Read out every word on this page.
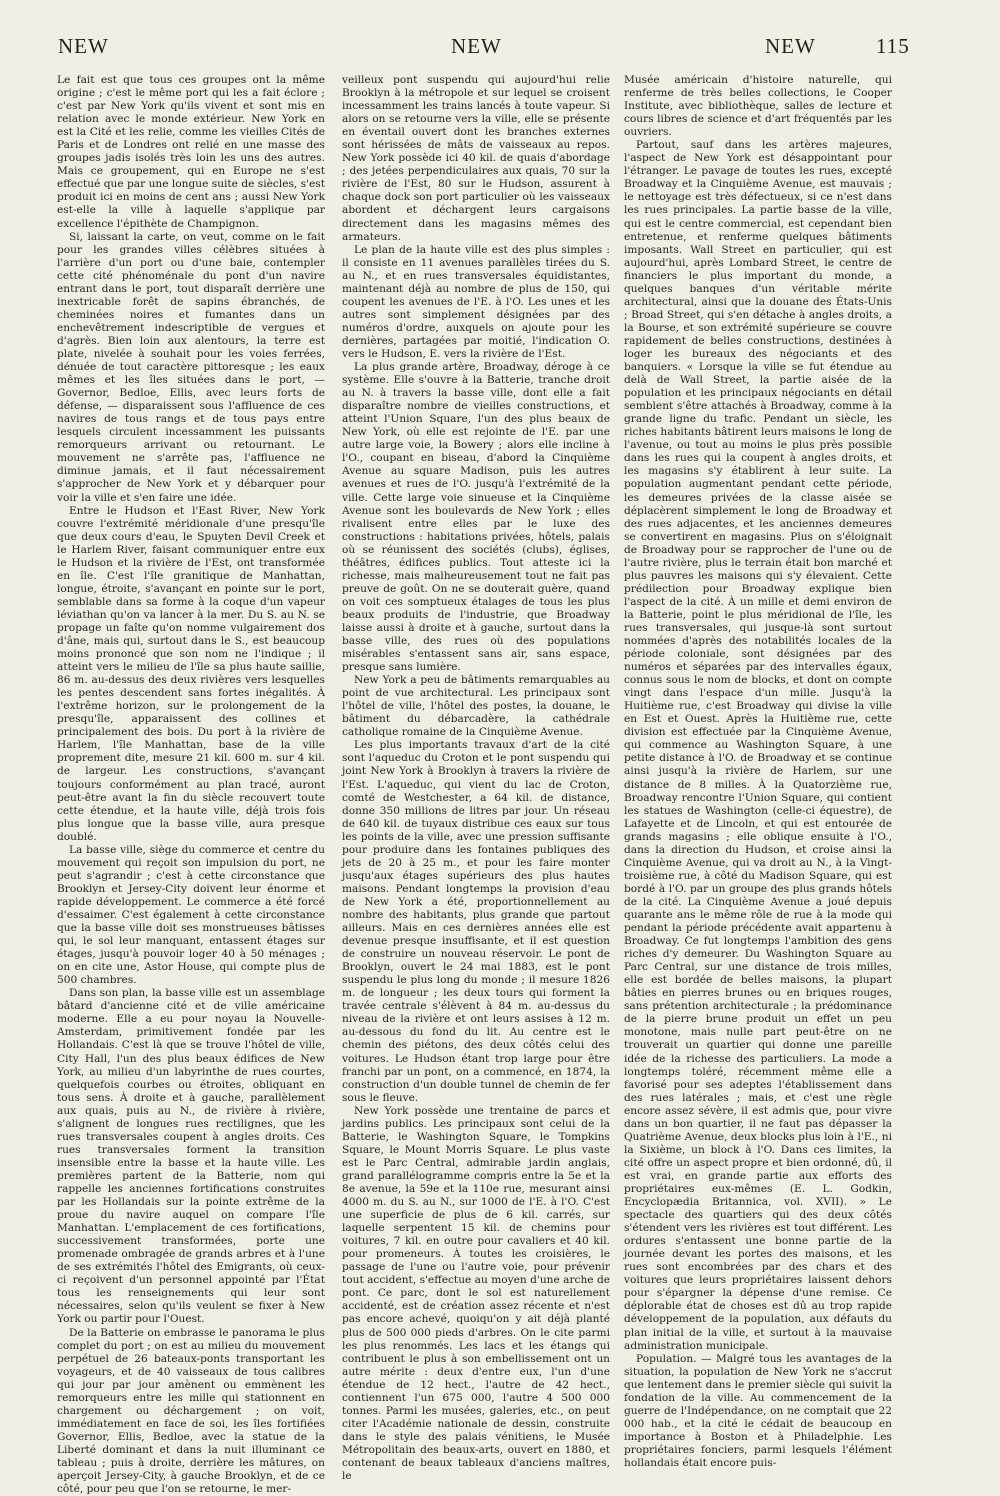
NEW	NEW	NEW	115

Le fait est que tous ces groupes ont la même origine ; c'est le même port qui les a fait éclore ; c'est par New York qu'ils vivent et sont mis en relation avec le monde extérieur. New York en est la Cité et les relie, comme les vieilles Cités de Paris et de Londres ont relié en une masse des groupes jadis isolés très loin les uns des autres. Mais ce groupement, qui en Europe ne s'est effectué que par une longue suite de siècles, s'est produit ici en moins de cent ans ; aussi New York est-elle la ville à laquelle s'applique par excellence l'épithète de Champignon.

Si, laissant la carte, on veut, comme on le fait pour les grandes villes célèbres situées à l'arrière d'un port ou d'une baie, contempler cette cité phénoménale du pont d'un navire entrant dans le port, tout disparaît derrière une inextricable forêt de sapins ébranchés, de cheminées noires et fumantes dans un enchevêtrement indescriptible de vergues et d'agrès. Bien loin aux alentours, la terre est plate, nivelée à souhait pour les voies ferrées, dénuée de tout caractère pittoresque ; les eaux mêmes et les îles situées dans le port, — Governor, Bedloe, Ellis, avec leurs forts de défense, — disparaissent sous l'affluence de ces navires de tous rangs et de tous pays entre lesquels circulent incessamment les puissants remorqueurs arrivant ou retournant. Le mouvement ne s'arrête pas, l'affluence ne diminue jamais, et il faut nécessairement s'approcher de New York et y débarquer pour voir la ville et s'en faire une idée.

Entre le Hudson et l'East River, New York couvre l'extrémité méridionale d'une presqu'île que deux cours d'eau, le Spuyten Devil Creek et le Harlem River, faisant communiquer entre eux le Hudson et la rivière de l'Est, ont transformée en île. C'est l'île granitique de Manhattan, longue, étroite, s'avançant en pointe sur le port, semblable dans sa forme à la coque d'un vapeur léviathan qu'on va lancer à la mer. Du S. au N. se propage un faîte qu'on nomme vulgairement dos d'âne, mais qui, surtout dans le S., est beaucoup moins prononcé que son nom ne l'indique ; il atteint vers le milieu de l'île sa plus haute saillie, 86 m. au-dessus des deux rivières vers lesquelles les pentes descendent sans fortes inégalités. À l'extrême horizon, sur le prolongement de la presqu'île, apparaissent des collines et principalement des bois. Du port à la rivière de Harlem, l'île Manhattan, base de la ville proprement dite, mesure 21 kil. 600 m. sur 4 kil. de largeur. Les constructions, s'avançant toujours conformément au plan tracé, auront peut-être avant la fin du siècle recouvert toute cette étendue, et la haute ville, déjà trois fois plus longue que la basse ville, aura presque doublé.

La basse ville, siège du commerce et centre du mouvement qui reçoit son impulsion du port, ne peut s'agrandir ; c'est à cette circonstance que Brooklyn et Jersey-City doivent leur énorme et rapide développement. Le commerce a été forcé d'essaimer. C'est également à cette circonstance que la basse ville doit ses monstrueuses bâtisses qui, le sol leur manquant, entassent étages sur étages, jusqu'à pouvoir loger 40 à 50 ménages ; on en cite une, Astor House, qui compte plus de 500 chambres.

Dans son plan, la basse ville est un assemblage bâtard d'ancienne cité et de ville américaine moderne. Elle a eu pour noyau la Nouvelle-Amsterdam, primitivement fondée par les Hollandais. C'est là que se trouve l'hôtel de ville, City Hall, l'un des plus beaux édifices de New York, au milieu d'un labyrinthe de rues courtes, quelquefois courbes ou étroites, obliquant en tous sens. À droite et à gauche, parallèlement aux quais, puis au N., de rivière à rivière, s'alignent de longues rues rectilignes, que les rues transversales coupent à angles droits. Ces rues transversales forment la transition insensible entre la basse et la haute ville. Les premières partent de la Batterie, nom qui rappelle les anciennes fortifications construites par les Hollandais sur la pointe extrême de la proue du navire auquel on compare l'île Manhattan. L'emplacement de ces fortifications, successivement transformées, porte une promenade ombragée de grands arbres et à l'une de ses extrémités l'hôtel des Emigrants, où ceux-ci reçoivent d'un personnel appointé par l'État tous les renseignements qui leur sont nécessaires, selon qu'ils veulent se fixer à New York ou partir pour l'Ouest.

De la Batterie on embrasse le panorama le plus complet du port ; on est au milieu du mouvement perpétuel de 26 bateaux-ponts transportant les voyageurs, et de 40 vaisseaux de tous calibres qui jour par jour amènent ou emmènent les remorqueurs entre les mille qui stationnent en chargement ou déchargement ; on voit, immédiatement en face de soi, les îles fortifiées Governor, Ellis, Bedloe, avec la statue de la Liberté dominant et dans la nuit illuminant ce tableau ; puis à droite, derrière les mâtures, on aperçoit Jersey-City, à gauche Brooklyn, et de ce côté, pour peu que l'on se retourne, le mer-

veilleux pont suspendu qui aujourd'hui relie Brooklyn à la métropole et sur lequel se croisent incessamment les trains lancés à toute vapeur. Si alors on se retourne vers la ville, elle se présente en éventail ouvert dont les branches externes sont hérissées de mâts de vaisseaux au repos. New York possède ici 40 kil. de quais d'abordage ; des jetées perpendiculaires aux quais, 70 sur la rivière de l'Est, 80 sur le Hudson, assurent à chaque dock son port particulier où les vaisseaux abordent et déchargent leurs cargaisons directement dans les magasins mêmes des armateurs.

Le plan de la haute ville est des plus simples : il consiste en 11 avenues parallèles tirées du S. au N., et en rues transversales équidistantes, maintenant déjà au nombre de plus de 150, qui coupent les avenues de l'E. à l'O. Les unes et les autres sont simplement désignées par des numéros d'ordre, auxquels on ajoute pour les dernières, partagées par moitié, l'indication O. vers le Hudson, E. vers la rivière de l'Est.

La plus grande artère, Broadway, déroge à ce système. Elle s'ouvre à la Batterie, tranche droit au N. à travers la basse ville, dont elle a fait disparaître nombre de vieilles constructions, et atteint l'Union Square, l'un des plus beaux de New York, où elle est rejointe de l'E. par une autre large voie, la Bowery ; alors elle incline à l'O., coupant en biseau, d'abord la Cinquième Avenue au square Madison, puis les autres avenues et rues de l'O. jusqu'à l'extrémité de la ville. Cette large voie sinueuse et la Cinquième Avenue sont les boulevards de New York ; elles rivalisent entre elles par le luxe des constructions : habitations privées, hôtels, palais où se réunissent des sociétés (clubs), églises, théâtres, édifices publics. Tout atteste ici la richesse, mais malheureusement tout ne fait pas preuve de goût. On ne se douterait guère, quand on voit ces somptueux étalages de tous les plus beaux produits de l'industrie, que Broadway laisse aussi à droite et à gauche, surtout dans la basse ville, des rues où des populations misérables s'entassent sans air, sans espace, presque sans lumière.

New York a peu de bâtiments remarquables au point de vue architectural. Les principaux sont l'hôtel de ville, l'hôtel des postes, la douane, le bâtiment du débarcadère, la cathédrale catholique romaine de la Cinquième Avenue.

Les plus importants travaux d'art de la cité sont l'aqueduc du Croton et le pont suspendu qui joint New York à Brooklyn à travers la rivière de l'Est. L'aqueduc, qui vient du lac de Croton, comté de Westchester, a 64 kil. de distance, donne 350 millions de litres par jour. Un réseau de 640 kil. de tuyaux distribue ces eaux sur tous les points de la ville, avec une pression suffisante pour produire dans les fontaines publiques des jets de 20 à 25 m., et pour les faire monter jusqu'aux étages supérieurs des plus hautes maisons. Pendant longtemps la provision d'eau de New York a été, proportionnellement au nombre des habitants, plus grande que partout ailleurs. Mais en ces dernières années elle est devenue presque insuffisante, et il est question de construire un nouveau réservoir. Le pont de Brooklyn, ouvert le 24 mai 1883, est le pont suspendu le plus long du monde ; il mesure 1826 m. de longueur ; les deux tours qui forment la travée centrale s'élèvent à 84 m. au-dessus du niveau de la rivière et ont leurs assises à 12 m. au-dessous du fond du lit. Au centre est le chemin des piétons, des deux côtés celui des voitures. Le Hudson étant trop large pour être franchi par un pont, on a commencé, en 1874, la construction d'un double tunnel de chemin de fer sous le fleuve.

New York possède une trentaine de parcs et jardins publics. Les principaux sont celui de la Batterie, le Washington Square, le Tompkins Square, le Mount Morris Square. Le plus vaste est le Parc Central, admirable jardin anglais, grand parallélogramme compris entre la 5e et la 8e avenue, la 59e et la 110e rue, mesurant ainsi 4000 m. du S. au N., sur 1000 de l'E. à l'O. C'est une superficie de plus de 6 kil. carrés, sur laquelle serpentent 15 kil. de chemins pour voitures, 7 kil. en outre pour cavaliers et 40 kil. pour promeneurs. À toutes les croisières, le passage de l'une ou l'autre voie, pour prévenir tout accident, s'effectue au moyen d'une arche de pont. Ce parc, dont le sol est naturellement accidenté, est de création assez récente et n'est pas encore achevé, quoiqu'on y ait déjà planté plus de 500 000 pieds d'arbres. On le cite parmi les plus renommés. Les lacs et les étangs qui contribuent le plus à son embellissement ont un autre mérite : deux d'entre eux, l'un d'une étendue de 12 hect., l'autre de 42 hect., contiennent l'un 675 000, l'autre 4 500 000 tonnes. Parmi les musées, galeries, etc., on peut citer l'Académie nationale de dessin, construite dans le style des palais vénitiens, le Musée Métropolitain des beaux-arts, ouvert en 1880, et contenant de beaux tableaux d'anciens maîtres, le

Musée américain d'histoire naturelle, qui renferme de très belles collections, le Cooper Institute, avec bibliothèque, salles de lecture et cours libres de science et d'art fréquentés par les ouvriers.

Partout, sauf dans les artères majeures, l'aspect de New York est désappointant pour l'étranger. Le pavage de toutes les rues, excepté Broadway et la Cinquième Avenue, est mauvais ; le nettoyage est très défectueux, si ce n'est dans les rues principales. La partie basse de la ville, qui est le centre commercial, est cependant bien entretenue, et renferme quelques bâtiments imposants. Wall Street en particulier, qui est aujourd'hui, après Lombard Street, le centre de financiers le plus important du monde, a quelques banques d'un véritable mérite architectural, ainsi que la douane des États-Unis ; Broad Street, qui s'en détache à angles droits, a la Bourse, et son extrémité supérieure se couvre rapidement de belles constructions, destinées à loger les bureaux des négociants et des banquiers. « Lorsque la ville se fut étendue au delà de Wall Street, la partie aisée de la population et les principaux négociants en détail semblent s'être attachés à Broadway, comme à la grande ligne du trafic. Pendant un siècle, les riches habitants bâtirent leurs maisons le long de l'avenue, ou tout au moins le plus près possible dans les rues qui la coupent à angles droits, et les magasins s'y établirent à leur suite. La population augmentant pendant cette période, les demeures privées de la classe aisée se déplacèrent simplement le long de Broadway et des rues adjacentes, et les anciennes demeures se convertirent en magasins. Plus on s'éloignait de Broadway pour se rapprocher de l'une ou de l'autre rivière, plus le terrain était bon marché et plus pauvres les maisons qui s'y élevaient. Cette prédilection pour Broadway explique bien l'aspect de la cité. À un mille et demi environ de la Batterie, point le plus méridional de l'île, les rues transversales, qui jusque-là sont surtout nommées d'après des notabilités locales de la période coloniale, sont désignées par des numéros et séparées par des intervalles égaux, connus sous le nom de blocks, et dont on compte vingt dans l'espace d'un mille. Jusqu'à la Huitième rue, c'est Broadway qui divise la ville en Est et Ouest. Après la Huitième rue, cette division est effectuée par la Cinquième Avenue, qui commence au Washington Square, à une petite distance à l'O. de Broadway et se continue ainsi jusqu'à la rivière de Harlem, sur une distance de 8 milles. À la Quatorzième rue, Broadway rencontre l'Union Square, qui contient les statues de Washington (celle-ci équestre), de Lafayette et de Lincoln, et qui est entourée de grands magasins ; elle oblique ensuite à l'O., dans la direction du Hudson, et croise ainsi la Cinquième Avenue, qui va droit au N., à la Vingt-troisième rue, à côté du Madison Square, qui est bordé à l'O. par un groupe des plus grands hôtels de la cité. La Cinquième Avenue a joué depuis quarante ans le même rôle de rue à la mode qui pendant la période précédente avait appartenu à Broadway. Ce fut longtemps l'ambition des gens riches d'y demeurer. Du Washington Square au Parc Central, sur une distance de trois milles, elle est bordée de belles maisons, la plupart bâties en pierres brunes ou en briques rouges, sans prétention architecturale ; la prédominance de la pierre brune produit un effet un peu monotone, mais nulle part peut-être on ne trouverait un quartier qui donne une pareille idée de la richesse des particuliers. La mode a longtemps toléré, récemment même elle a favorisé pour ses adeptes l'établissement dans des rues latérales ; mais, et c'est une règle encore assez sévère, il est admis que, pour vivre dans un bon quartier, il ne faut pas dépasser la Quatrième Avenue, deux blocks plus loin à l'E., ni la Sixième, un block à l'O. Dans ces limites, la cité offre un aspect propre et bien ordonné, dû, il est vrai, en grande partie aux efforts des propriétaires eux-mêmes (E. L. Godkin, Encyclopædia Britannica, vol. XVII). » Le spectacle des quartiers qui des deux côtés s'étendent vers les rivières est tout différent. Les ordures s'entassent une bonne partie de la journée devant les portes des maisons, et les rues sont encombrées par des chars et des voitures que leurs propriétaires laissent dehors pour s'épargner la dépense d'une remise. Ce déplorable état de choses est dû au trop rapide développement de la population, aux défauts du plan initial de la ville, et surtout à la mauvaise administration municipale.

Population. — Malgré tous les avantages de la situation, la population de New York ne s'accrut que lentement dans le premier siècle qui suivit la fondation de la ville. Au commencement de la guerre de l'Indépendance, on ne comptait que 22 000 hab., et la cité le cédait de beaucoup en importance à Boston et à Philadelphie. Les propriétaires fonciers, parmi lesquels l'élément hollandais était encore puis-
